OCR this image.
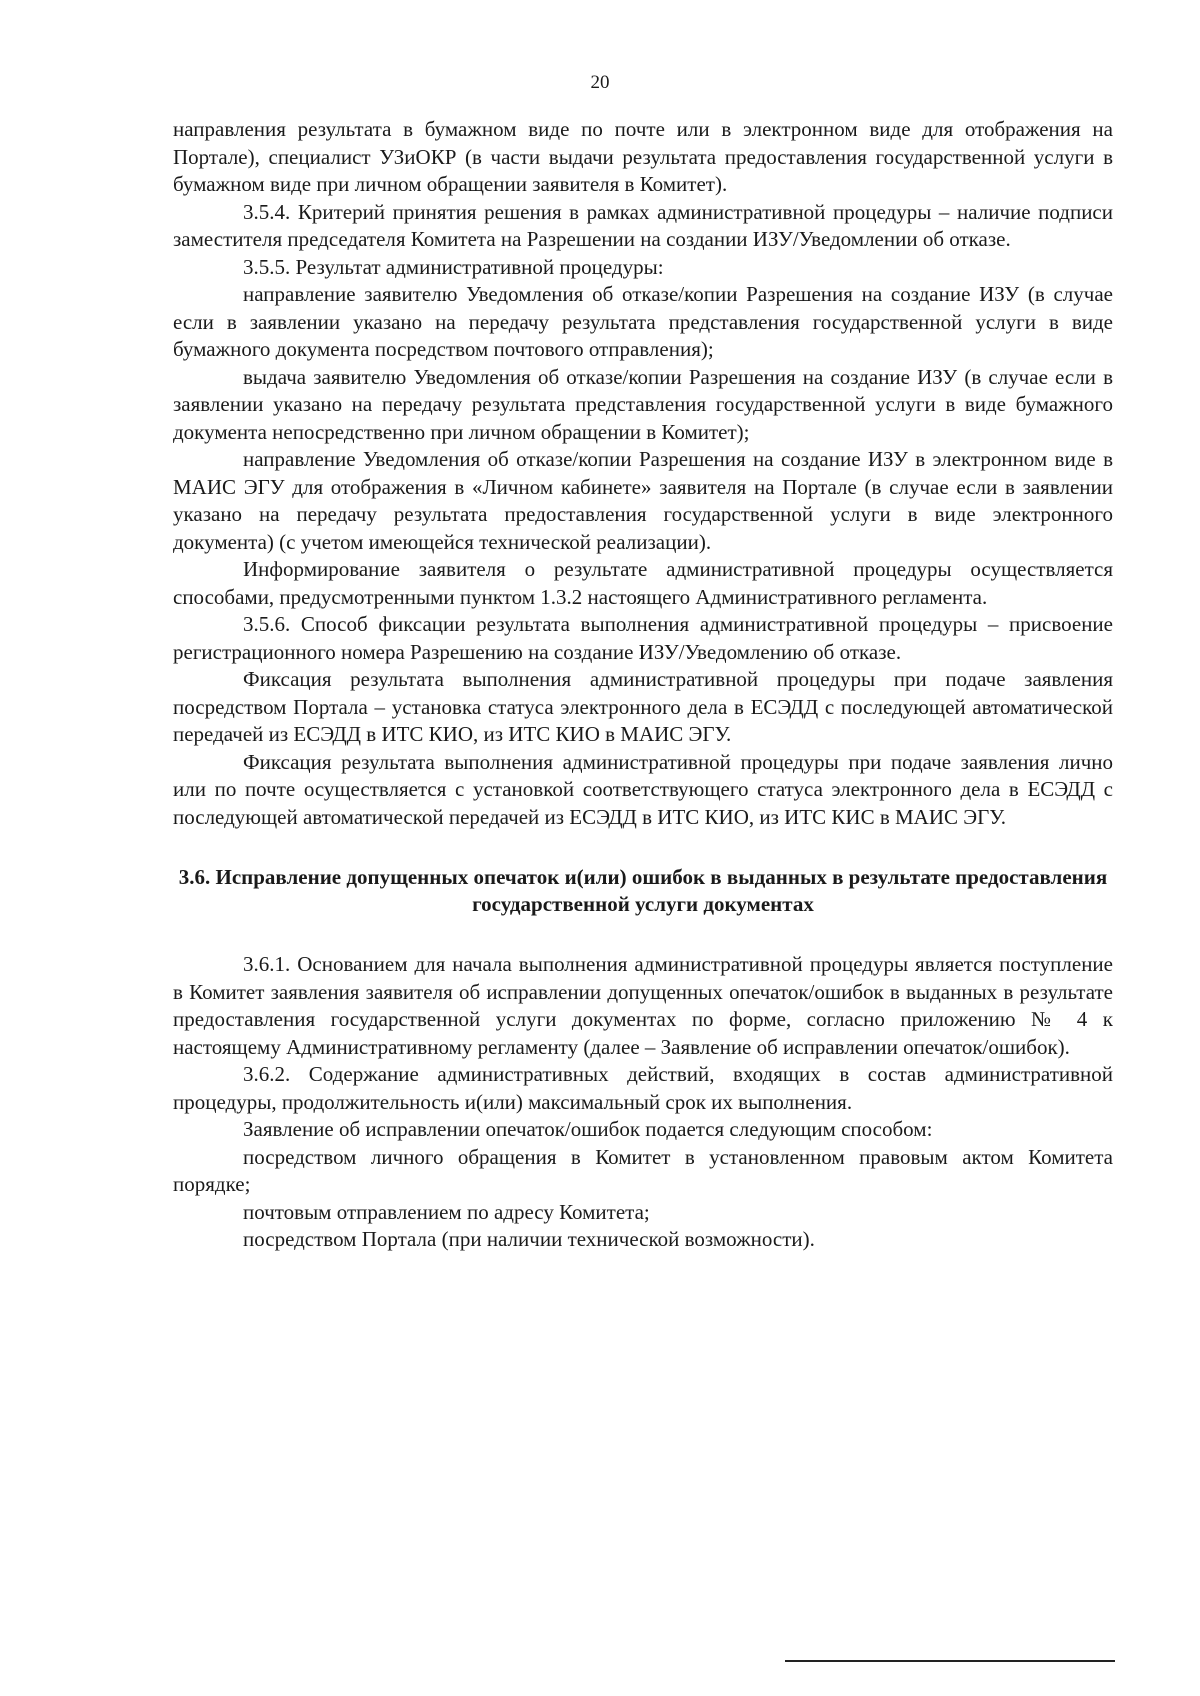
20

направления результата в бумажном виде по почте или в электронном виде для отображения на Портале), специалист УЗиОКР (в части выдачи результата предоставления государственной услуги в бумажном виде при личном обращении заявителя в Комитет).

3.5.4. Критерий принятия решения в рамках административной процедуры – наличие подписи заместителя председателя Комитета на Разрешении на создании ИЗУ/Уведомлении об отказе.

3.5.5. Результат административной процедуры:

направление заявителю Уведомления об отказе/копии Разрешения на создание ИЗУ (в случае если в заявлении указано на передачу результата представления государственной услуги в виде бумажного документа посредством почтового отправления);

выдача заявителю Уведомления об отказе/копии Разрешения на создание ИЗУ (в случае если в заявлении указано на передачу результата представления государственной услуги в виде бумажного документа непосредственно при личном обращении в Комитет);

направление Уведомления об отказе/копии Разрешения на создание ИЗУ в электронном виде в МАИС ЭГУ для отображения в «Личном кабинете» заявителя на Портале (в случае если в заявлении указано на передачу результата предоставления государственной услуги в виде электронного документа) (с учетом имеющейся технической реализации).

Информирование заявителя о результате административной процедуры осуществляется способами, предусмотренными пунктом 1.3.2 настоящего Административного регламента.

3.5.6. Способ фиксации результата выполнения административной процедуры – присвоение регистрационного номера Разрешению на создание ИЗУ/Уведомлению об отказе.

Фиксация результата выполнения административной процедуры при подаче заявления посредством Портала – установка статуса электронного дела в ЕСЭДД с последующей автоматической передачей из ЕСЭДД в ИТС КИО, из ИТС КИО в МАИС ЭГУ.

Фиксация результата выполнения административной процедуры при подаче заявления лично или по почте осуществляется с установкой соответствующего статуса электронного дела в ЕСЭДД с последующей автоматической передачей из ЕСЭДД в ИТС КИО, из ИТС КИС в МАИС ЭГУ.

3.6. Исправление допущенных опечаток и(или) ошибок в выданных в результате предоставления государственной услуги документах

3.6.1. Основанием для начала выполнения административной процедуры является поступление в Комитет заявления заявителя об исправлении допущенных опечаток/ошибок в выданных в результате предоставления государственной услуги документах по форме, согласно приложению № 4 к настоящему Административному регламенту (далее – Заявление об исправлении опечаток/ошибок).

3.6.2. Содержание административных действий, входящих в состав административной процедуры, продолжительность и(или) максимальный срок их выполнения.

Заявление об исправлении опечаток/ошибок подается следующим способом:

посредством личного обращения в Комитет в установленном правовым актом Комитета порядке;

почтовым отправлением по адресу Комитета;

посредством Портала (при наличии технической возможности).
